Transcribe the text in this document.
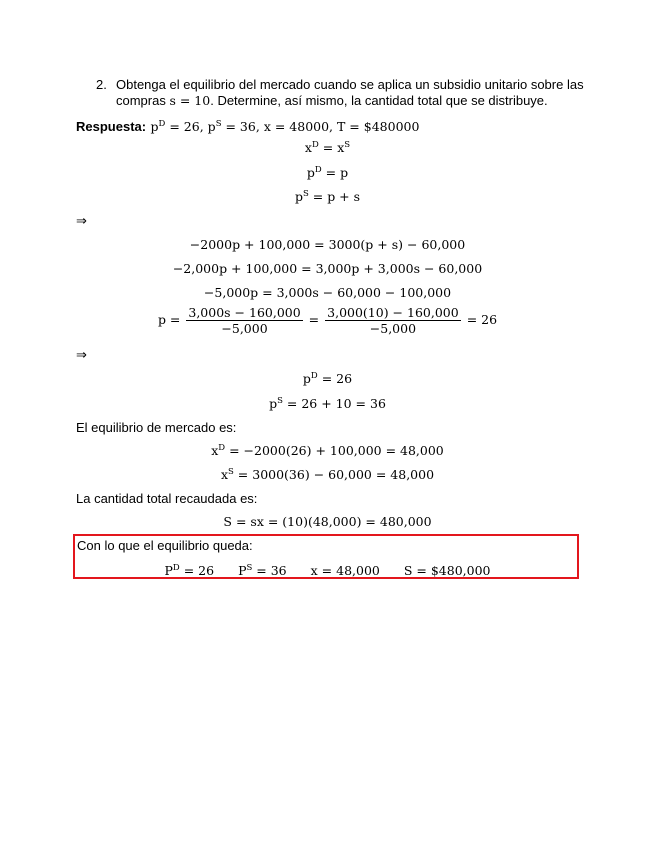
2. Obtenga el equilibrio del mercado cuando se aplica un subsidio unitario sobre las
compras s = 10. Determine, así mismo, la cantidad total que se distribuye.
Respuesta: $p^D = 26$, $p^S = 36$, x = 48000, T = $480000
$x^D = x^S$
$p^D = p$
$p^S = p + s$
⇒
−2000p + 100,000 = 3000(p + s) − 60,000
−2,000p + 100,000 = 3,000p + 3,000s − 60,000
−5,000p = 3,000s − 60,000 − 100,000
$p = \frac{3,000s - 160,000}{-5,000} = \frac{3,000(10) - 160,000}{-5,000} = 26$
⇒
$p^D = 26$
$p^S = 26 + 10 = 36$
El equilibrio de mercado es:
$x^D = -2000(26) + 100,000 = 48,000$
$x^S = 3000(36) - 60,000 = 48,000$
La cantidad total recaudada es:
S = sx = (10)(48,000) = 480,000
Con lo que el equilibrio queda:
$P^D = 26$ $P^S = 36$ x = 48,000 S = $480,000
